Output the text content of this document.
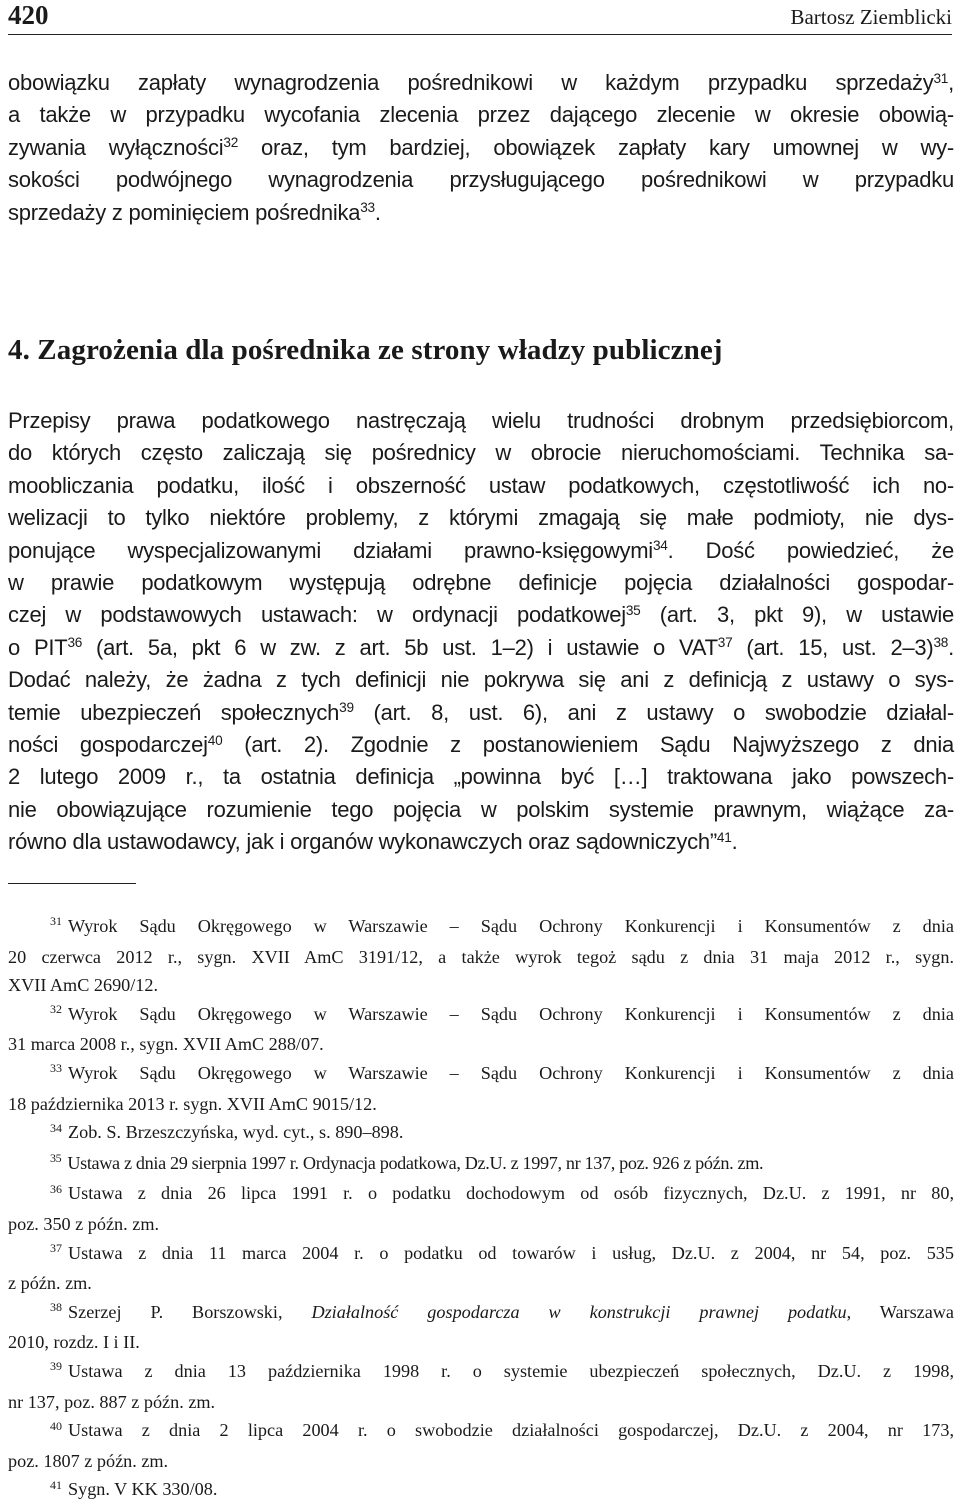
420	Bartosz Ziemblicki
obowiązku zapłaty wynagrodzenia pośrednikowi w każdym przypadku sprzedaży$^{31}$,
a także w przypadku wycofania zlecenia przez dającego zlecenie w okresie obowią-
zywania wyłączności$^{32}$ oraz, tym bardziej, obowiązek zapłaty kary umownej w wy-
sokości podwójnego wynagrodzenia przysługującego pośrednikowi w przypadku
sprzedaży z pominięciem pośrednika$^{33}$.
4. Zagrożenia dla pośrednika ze strony władzy publicznej
Przepisy prawa podatkowego nastręczają wielu trudności drobnym przedsiębiorcom,
do których często zaliczają się pośrednicy w obrocie nieruchomościami. Technika sa-
moobliczania podatku, ilość i obszerność ustaw podatkowych, częstotliwość ich no-
welizacji to tylko niektóre problemy, z którymi zmagają się małe podmioty, nie dys-
ponujące wyspecjalizowanymi działami prawno-księgowymi$^{34}$. Dość powiedzieć, że
w prawie podatkowym występują odrębne definicje pojęcia działalności gospodar-
czej w podstawowych ustawach: w ordynacji podatkowej$^{35}$ (art. 3, pkt 9), w ustawie
o PIT$^{36}$ (art. 5a, pkt 6 w zw. z art. 5b ust. 1–2) i ustawie o VAT$^{37}$ (art. 15, ust. 2–3)$^{38}$.
Dodać należy, że żadna z tych definicji nie pokrywa się ani z definicją z ustawy o sys-
temie ubezpieczeń społecznych$^{39}$ (art. 8, ust. 6), ani z ustawy o swobodzie działal-
ności gospodarczej$^{40}$ (art. 2). Zgodnie z postanowieniem Sądu Najwyższego z dnia
2 lutego 2009 r., ta ostatnia definicja „powinna być […] traktowana jako powszech-
nie obowiązujące rozumienie tego pojęcia w polskim systemie prawnym, wiążące za-
równo dla ustawodawcy, jak i organów wykonawczych oraz sądowniczych”$^{41}$.
$^{31}$ Wyrok Sądu Okręgowego w Warszawie – Sądu Ochrony Konkurencji i Konsumentów z dnia
20 czerwca 2012 r., sygn. XVII AmC 3191/12, a także wyrok tegoż sądu z dnia 31 maja 2012 r., sygn.
XVII AmC 2690/12.
$^{32}$ Wyrok Sądu Okręgowego w Warszawie – Sądu Ochrony Konkurencji i Konsumentów z dnia
31 marca 2008 r., sygn. XVII AmC 288/07.
$^{33}$ Wyrok Sądu Okręgowego w Warszawie – Sądu Ochrony Konkurencji i Konsumentów z dnia
18 października 2013 r. sygn. XVII AmC 9015/12.
$^{34}$ Zob. S. Brzeszczyńska, wyd. cyt., s. 890–898.
$^{35}$ Ustawa z dnia 29 sierpnia 1997 r. Ordynacja podatkowa, Dz.U. z 1997, nr 137, poz. 926 z późn. zm.
$^{36}$ Ustawa z dnia 26 lipca 1991 r. o podatku dochodowym od osób fizycznych, Dz.U. z 1991, nr 80,
poz. 350 z późn. zm.
$^{37}$ Ustawa z dnia 11 marca 2004 r. o podatku od towarów i usług, Dz.U. z 2004, nr 54, poz. 535
z późn. zm.
$^{38}$ Szerzej P. Borszowski, Działalność gospodarcza w konstrukcji prawnej podatku, Warszawa
2010, rozdz. I i II.
$^{39}$ Ustawa z dnia 13 października 1998 r. o systemie ubezpieczeń społecznych, Dz.U. z 1998,
nr 137, poz. 887 z późn. zm.
$^{40}$ Ustawa z dnia 2 lipca 2004 r. o swobodzie działalności gospodarczej, Dz.U. z 2004, nr 173,
poz. 1807 z późn. zm.
$^{41}$ Sygn. V KK 330/08.
